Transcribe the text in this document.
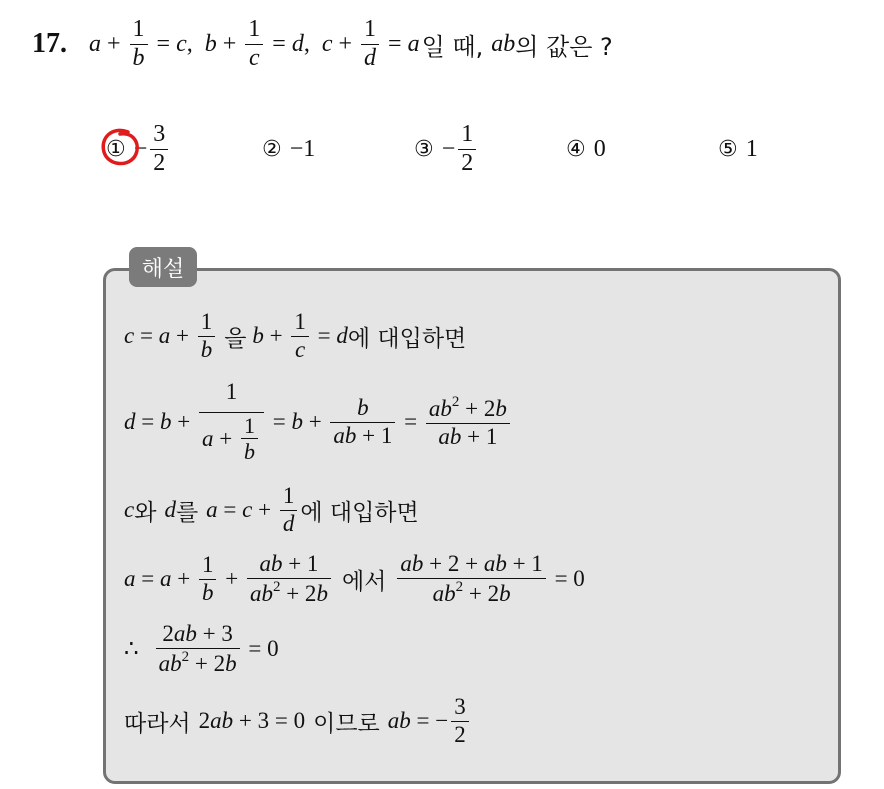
17. $a + \frac{1}{b} = c$ , $b + \frac{1}{c} = d$ , $c + \frac{1}{d} = a$ 일 때, ab 의 값은 ?
① − $\frac{3}{2}$	② −1	③ − $\frac{1}{2}$	④ 0	⑤ 1
해설
$c = a + \frac{1}{b}$ 을 $b + \frac{1}{c} = d$ 에 대입하면
$d = b + \frac{1}{a + \frac{1}{b}} = b + \frac{b}{ab + 1} = \frac{ab^2 + 2b}{ab + 1}$
c 와 d 를 $a = c + \frac{1}{d}$ 에 대입하면
$a = a + \frac{1}{b} + \frac{ab + 1}{ab^2 + 2b}$ 에서 $\frac{ab + 2 + ab + 1}{ab^2 + 2b} = 0$
∴ $\frac{2ab + 3}{ab^2 + 2b} = 0$
따라서 2 ab + 3 = 0 이므로 ab = − $\frac{3}{2}$
